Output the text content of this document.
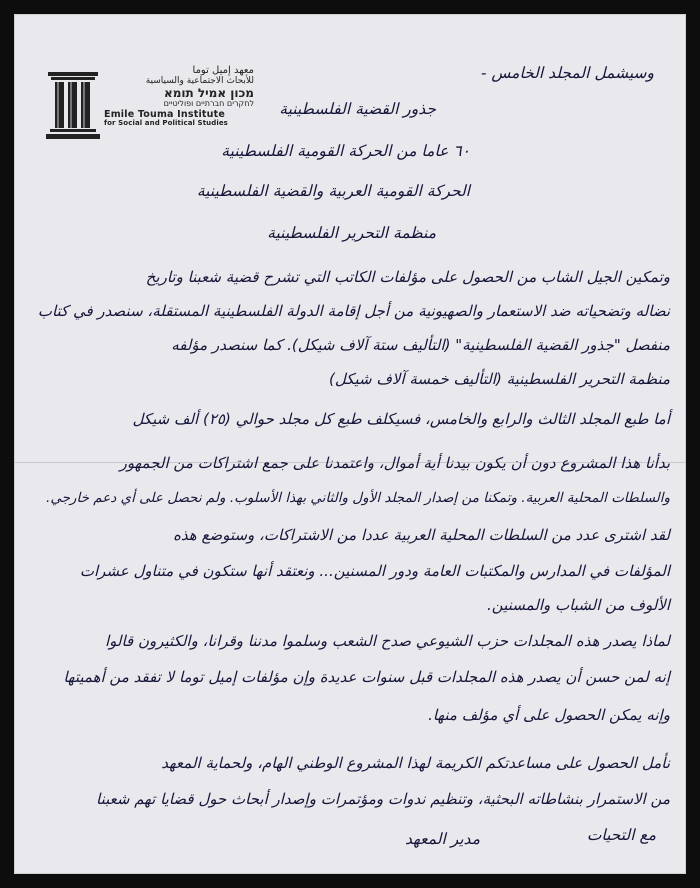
معهد إميل توما
للأبحاث الاجتماعية والسياسية
מכון אמיל תומא
לחקרים חברתיים ופוליטיים
Emile Touma Institute
for Social and Political Studies
وسيشمل المجلد الخامس -
جذور القضية الفلسطينية
٦٠ عاما من الحركة القومية الفلسطينية
الحركة القومية العربية والقضية الفلسطينية
منظمة التحرير الفلسطينية
وتمكين الجيل الشاب من الحصول على مؤلفات الكاتب التي تشرح قضية شعبنا وتاريخ
نضاله وتضحياته ضد الاستعمار والصهيونية من أجل إقامة الدولة الفلسطينية المستقلة، سنصدر في كتاب
منفصل "جذور القضية الفلسطينية" (التأليف ستة آلاف شيكل). كما سنصدر مؤلفه
منظمة التحرير الفلسطينية (التأليف خمسة آلاف شيكل)
أما طبع المجلد الثالث والرابع والخامس، فسيكلف طبع كل مجلد حوالي (٢٥) ألف شيكل
بدأنا هذا المشروع دون أن يكون بيدنا أية أموال، واعتمدنا على جمع اشتراكات من الجمهور
والسلطات المحلية العربية. وتمكنا من إصدار المجلد الأول والثاني بهذا الأسلوب. ولم نحصل على أي دعم خارجي.
لقد اشترى عدد من السلطات المحلية العربية عددا من الاشتراكات، وستوضع هذه
المؤلفات في المدارس والمكتبات العامة ودور المسنين... ونعتقد أنها ستكون في متناول عشرات
الألوف من الشباب والمسنين.
لماذا يصدر هذه المجلدات حزب الشيوعي صدح الشعب وسلموا مدننا وقرانا، والكثيرون قالوا
إنه لمن حسن أن يصدر هذه المجلدات قبل سنوات عديدة وإن مؤلفات إميل توما لا تفقد من أهميتها
وإنه يمكن الحصول على أي مؤلف منها.
نأمل الحصول على مساعدتكم الكريمة لهذا المشروع الوطني الهام، ولحماية المعهد
من الاستمرار بنشاطاته البحثية، وتنظيم ندوات ومؤتمرات وإصدار أبحاث حول قضايا تهم شعبنا
مع التحيات
مدير المعهد
